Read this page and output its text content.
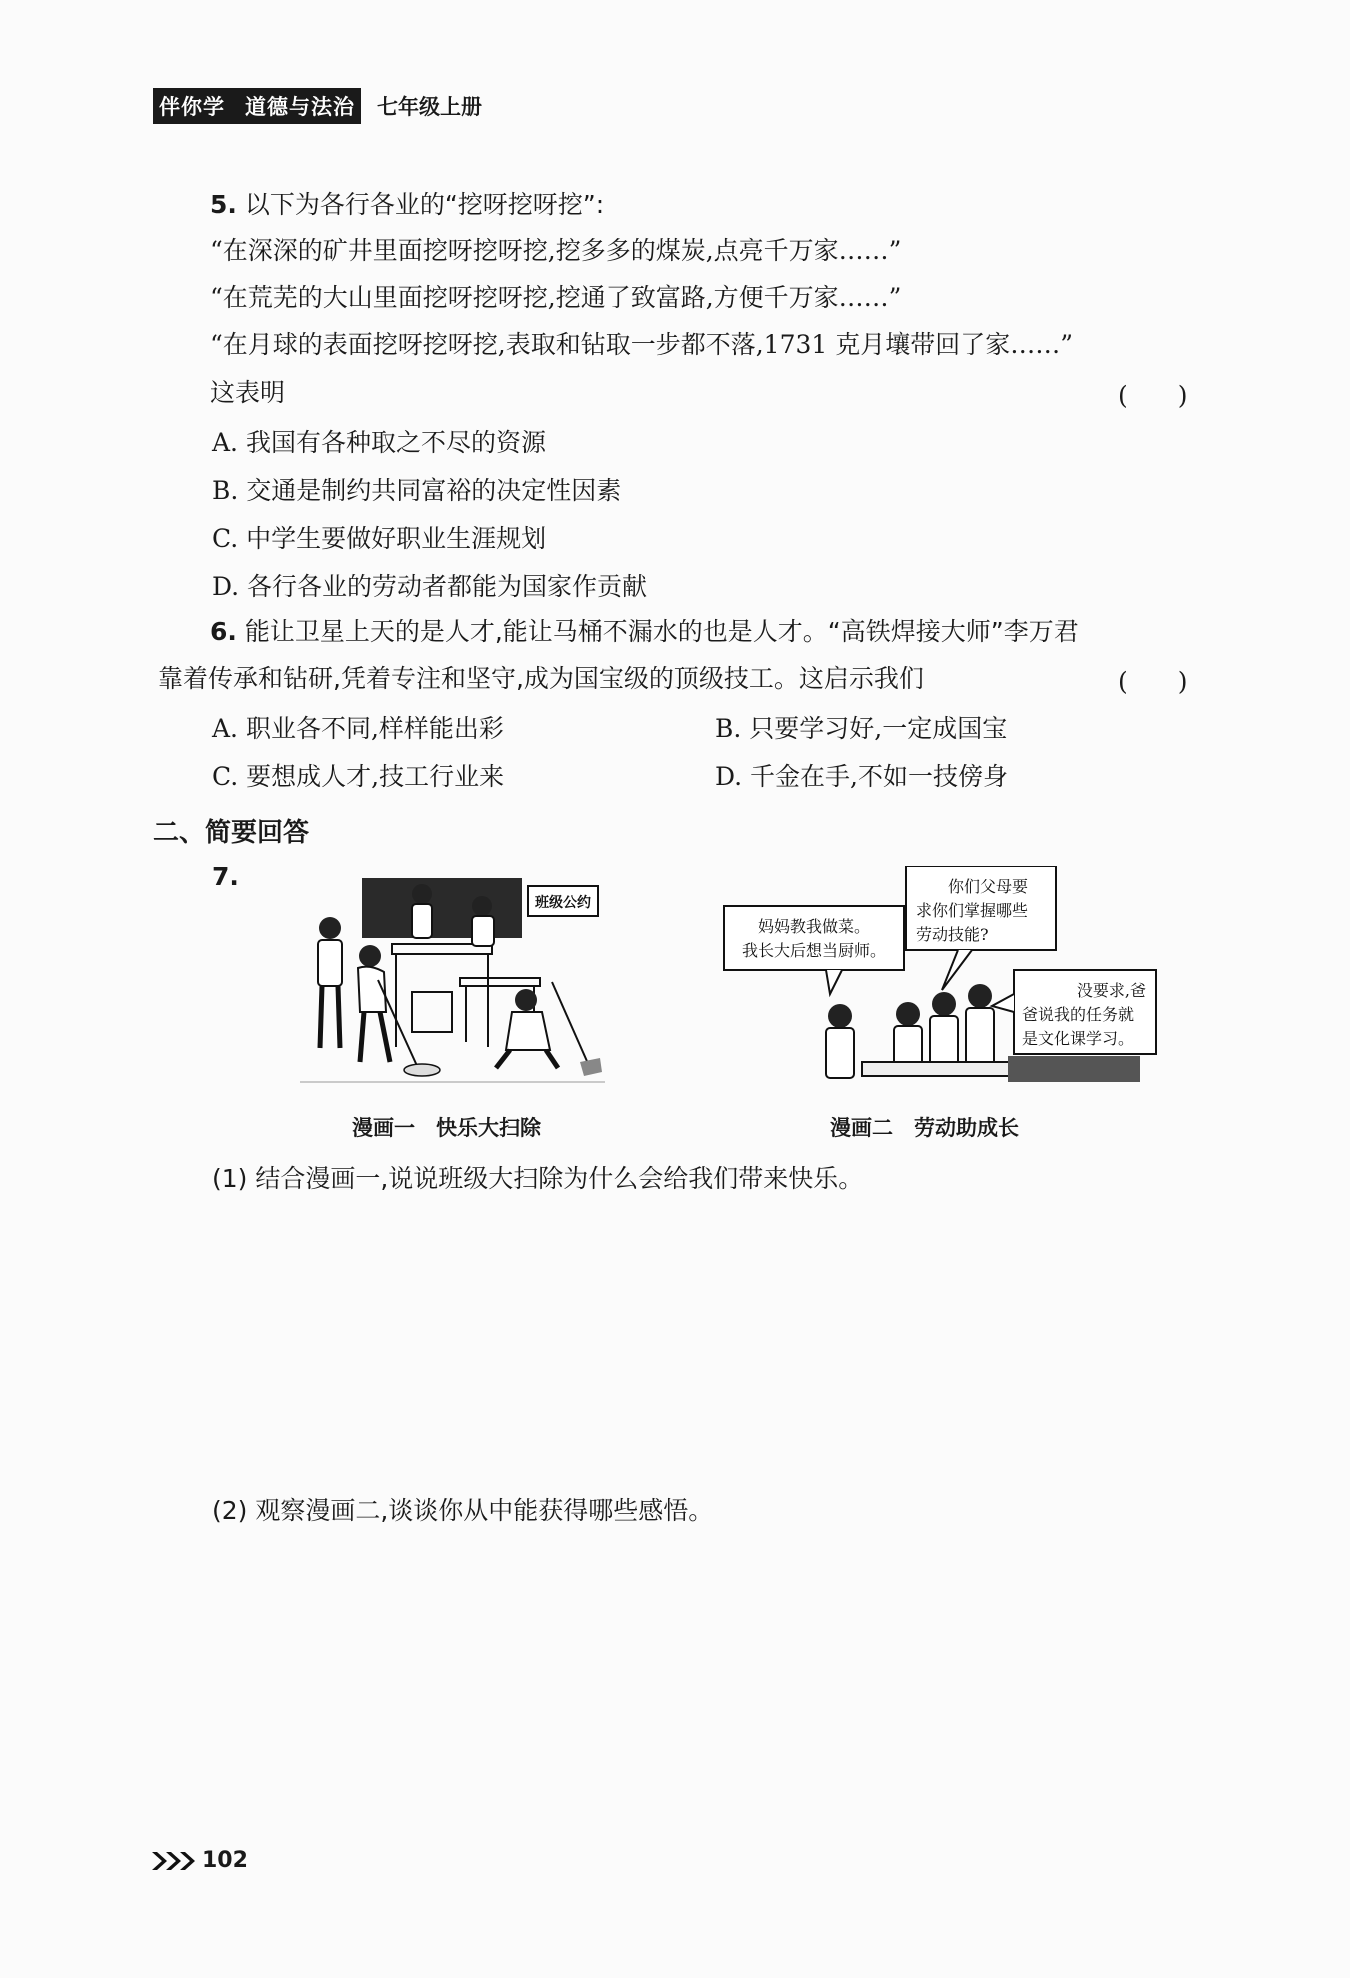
伴你学 道德与法治 七年级上册
5. 以下为各行各业的“挖呀挖呀挖”:
“在深深的矿井里面挖呀挖呀挖,挖多多的煤炭,点亮千万家……”
“在荒芜的大山里面挖呀挖呀挖,挖通了致富路,方便千万家……”
“在月球的表面挖呀挖呀挖,表取和钻取一步都不落,1731 克月壤带回了家……”
这表明	(　　)
A. 我国有各种取之不尽的资源
B. 交通是制约共同富裕的决定性因素
C. 中学生要做好职业生涯规划
D. 各行各业的劳动者都能为国家作贡献
6. 能让卫星上天的是人才,能让马桶不漏水的也是人才。“高铁焊接大师”李万君
靠着传承和钻研,凭着专注和坚守,成为国宝级的顶级技工。这启示我们	(　　)
A. 职业各不同,样样能出彩	B. 只要学习好,一定成国宝
C. 要想成人才,技工行业来	D. 千金在手,不如一技傍身
二、简要回答
7.
班级公约
漫画一　快乐大扫除
妈妈教我做菜。
我长大后想当厨师。
你们父母要
求你们掌握哪些
劳动技能?
没要求,爸
爸说我的任务就
是文化课学习。
漫画二　劳动助成长
(1) 结合漫画一,说说班级大扫除为什么会给我们带来快乐。
(2) 观察漫画二,谈谈你从中能获得哪些感悟。
102
